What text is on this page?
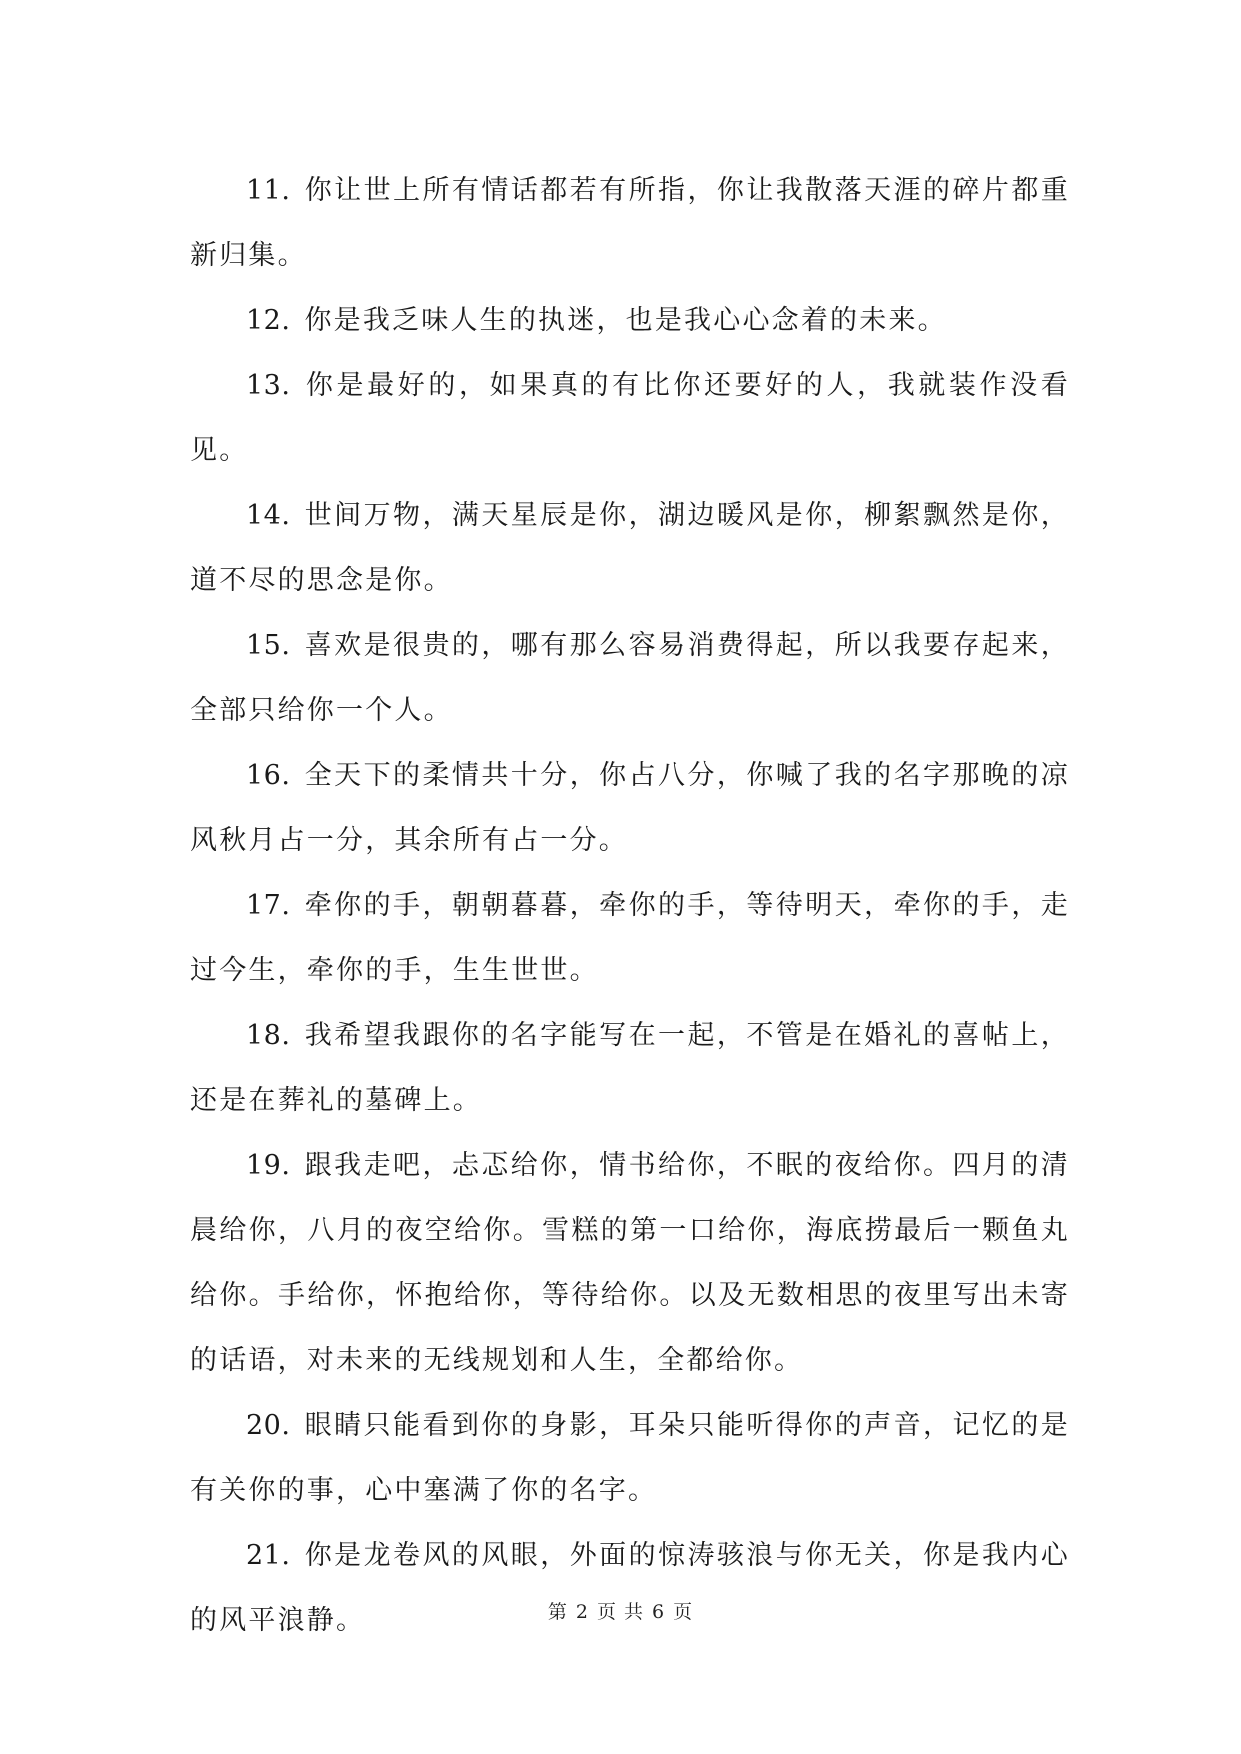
11. 你让世上所有情话都若有所指，你让我散落天涯的碎片都重新归集。

12. 你是我乏味人生的执迷，也是我心心念着的未来。

13. 你是最好的，如果真的有比你还要好的人，我就装作没看见。

14. 世间万物，满天星辰是你，湖边暖风是你，柳絮飘然是你，道不尽的思念是你。

15. 喜欢是很贵的，哪有那么容易消费得起，所以我要存起来，全部只给你一个人。

16. 全天下的柔情共十分，你占八分，你喊了我的名字那晚的凉风秋月占一分，其余所有占一分。

17. 牵你的手，朝朝暮暮，牵你的手，等待明天，牵你的手，走过今生，牵你的手，生生世世。

18. 我希望我跟你的名字能写在一起，不管是在婚礼的喜帖上，还是在葬礼的墓碑上。

19. 跟我走吧，忐忑给你，情书给你，不眠的夜给你。四月的清晨给你，八月的夜空给你。雪糕的第一口给你，海底捞最后一颗鱼丸给你。手给你，怀抱给你，等待给你。以及无数相思的夜里写出未寄的话语，对未来的无线规划和人生，全都给你。

20. 眼睛只能看到你的身影，耳朵只能听得你的声音，记忆的是有关你的事，心中塞满了你的名字。

21. 你是龙卷风的风眼，外面的惊涛骇浪与你无关，你是我内心的风平浪静。	第 2 页 共 6 页
